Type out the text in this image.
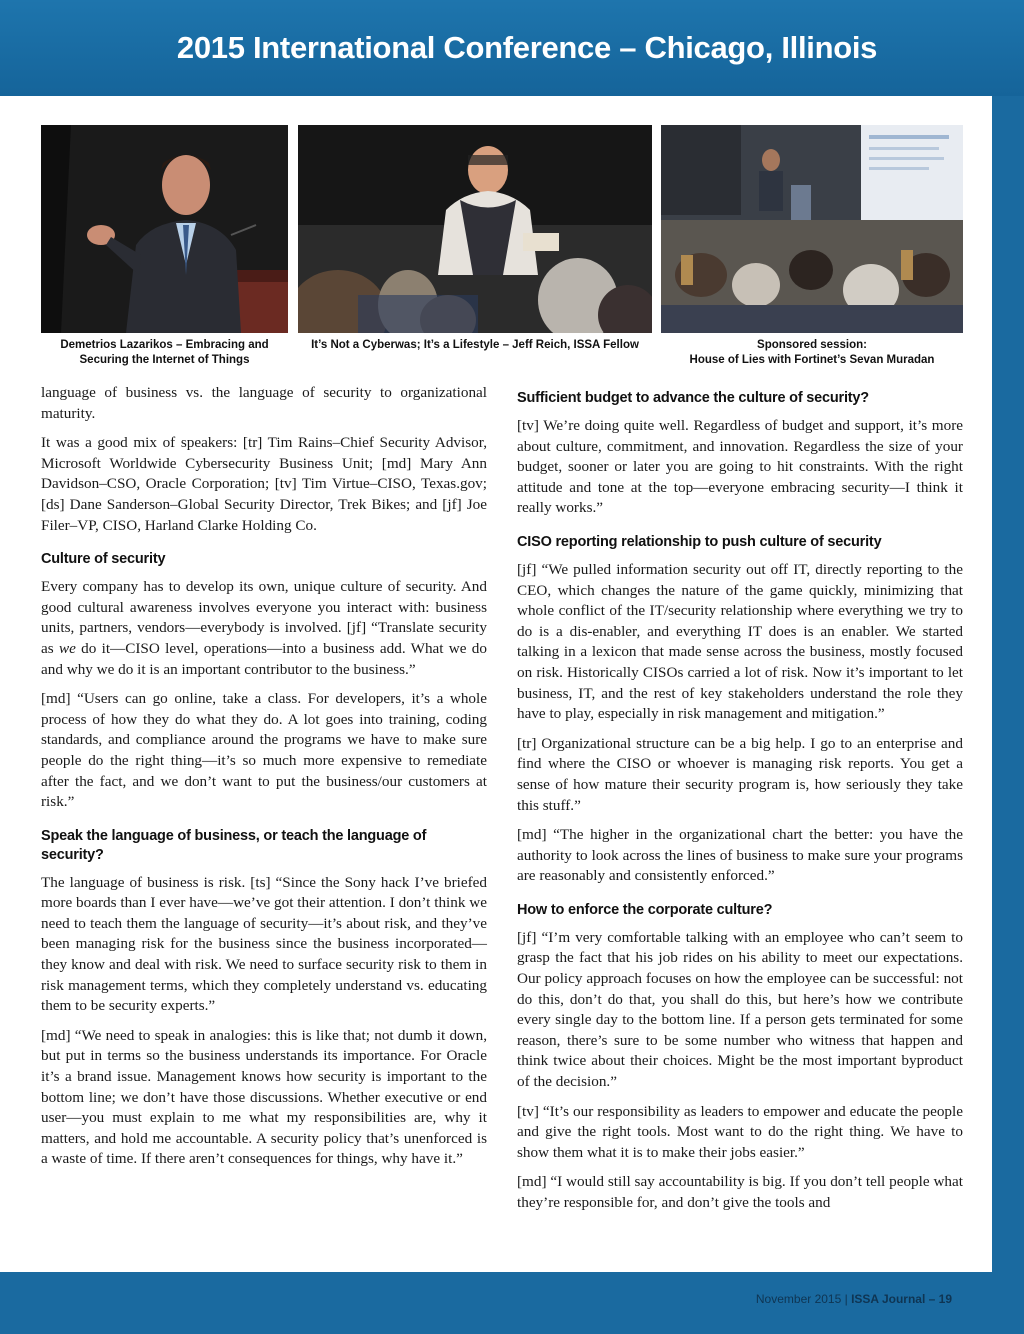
2015 International Conference – Chicago, Illinois
Demetrios Lazarikos – Embracing and
Securing the Internet of Things
It’s Not a Cyberwas; It’s a Lifestyle – Jeff Reich, ISSA Fellow	Sponsored session:
House of Lies with Fortinet’s Sevan Muradan

language of business vs. the language of security to organizational maturity.

It was a good mix of speakers: [tr] Tim Rains–Chief Security Advisor, Microsoft Worldwide Cybersecurity Business Unit; [md] Mary Ann Davidson–CSO, Oracle Corporation; [tv] Tim Virtue–CISO, Texas.gov; [ds] Dane Sanderson–Global Security Director, Trek Bikes; and [jf] Joe Filer–VP, CISO, Harland Clarke Holding Co.

Culture of security

Every company has to develop its own, unique culture of security. And good cultural awareness involves everyone you interact with: business units, partners, vendors—everybody is involved. [jf] “Translate security as we do it—CISO level, operations—into a business add. What we do and why we do it is an important contributor to the business.”

[md] “Users can go online, take a class. For developers, it’s a whole process of how they do what they do. A lot goes into training, coding standards, and compliance around the programs we have to make sure people do the right thing—it’s so much more expensive to remediate after the fact, and we don’t want to put the business/our customers at risk.”

Speak the language of business, or teach the language of security?

The language of business is risk. [ts] “Since the Sony hack I’ve briefed more boards than I ever have—we’ve got their attention. I don’t think we need to teach them the language of security—it’s about risk, and they’ve been managing risk for the business since the business incorporated—they know and deal with risk. We need to surface security risk to them in risk management terms, which they completely understand vs. educating them to be security experts.”

[md] “We need to speak in analogies: this is like that; not dumb it down, but put in terms so the business understands its importance. For Oracle it’s a brand issue. Management knows how security is important to the bottom line; we don’t have those discussions. Whether executive or end user—you must explain to me what my responsibilities are, why it matters, and hold me accountable. A security policy that’s unenforced is a waste of time. If there aren’t consequences for things, why have it.”

Sufficient budget to advance the culture of security?

[tv] We’re doing quite well. Regardless of budget and support, it’s more about culture, commitment, and innovation. Regardless the size of your budget, sooner or later you are going to hit constraints. With the right attitude and tone at the top—everyone embracing security—I think it really works.”

CISO reporting relationship to push culture of security

[jf] “We pulled information security out off IT, directly reporting to the CEO, which changes the nature of the game quickly, minimizing that whole conflict of the IT/security relationship where everything we try to do is a dis-enabler, and everything IT does is an enabler. We started talking in a lexicon that made sense across the business, mostly focused on risk. Historically CISOs carried a lot of risk. Now it’s important to let business, IT, and the rest of key stakeholders understand the role they have to play, especially in risk management and mitigation.”

[tr] Organizational structure can be a big help. I go to an enterprise and find where the CISO or whoever is managing risk reports. You get a sense of how mature their security program is, how seriously they take this stuff.”

[md] “The higher in the organizational chart the better: you have the authority to look across the lines of business to make sure your programs are reasonably and consistently enforced.”

How to enforce the corporate culture?

[jf] “I’m very comfortable talking with an employee who can’t seem to grasp the fact that his job rides on his ability to meet our expectations. Our policy approach focuses on how the employee can be successful: not do this, don’t do that, you shall do this, but here’s how we contribute every single day to the bottom line. If a person gets terminated for some reason, there’s sure to be some number who witness that happen and think twice about their choices. Might be the most important byproduct of the decision.”

[tv] “It’s our responsibility as leaders to empower and educate the people and give the right tools. Most want to do the right thing. We have to show them what it is to make their jobs easier.”

[md] “I would still say accountability is big. If you don’t tell people what they’re responsible for, and don’t give the tools and

November 2015 | ISSA Journal – 19
